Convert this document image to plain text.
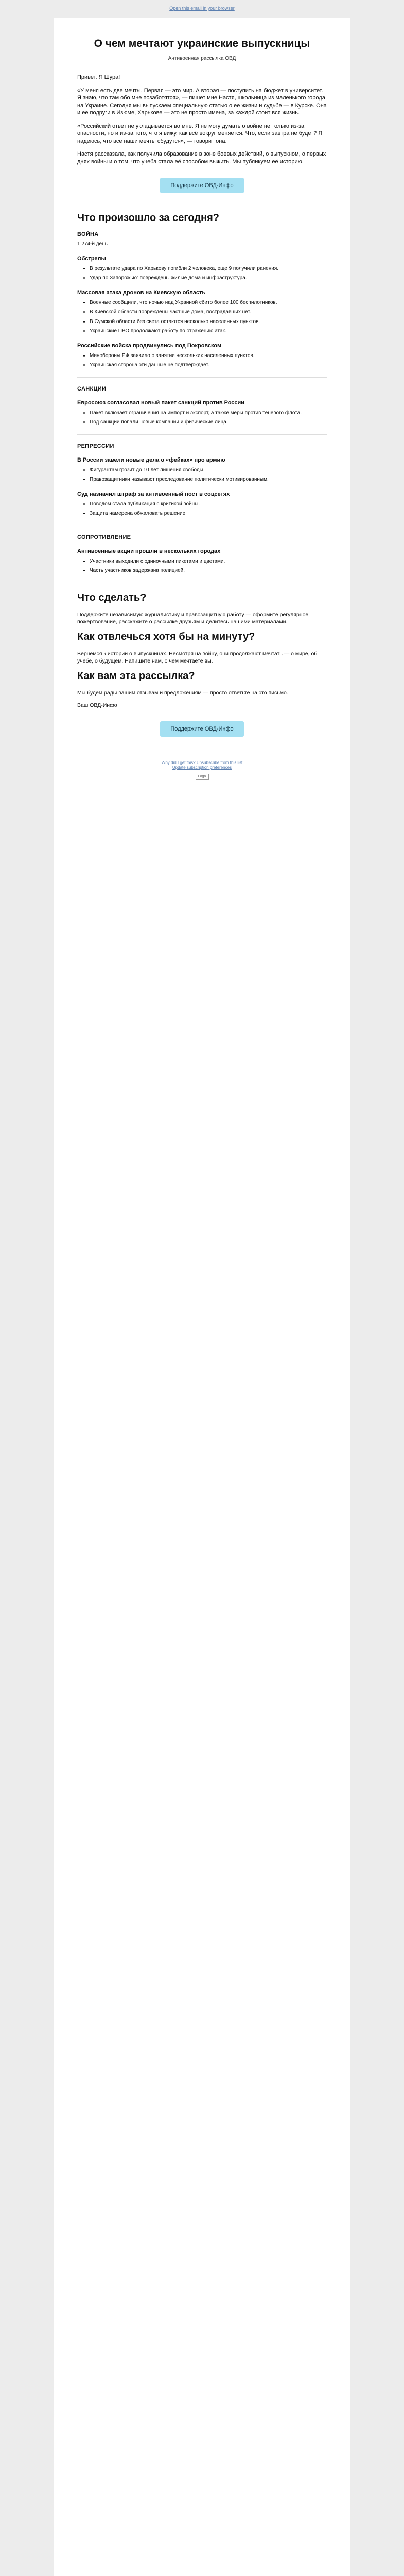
Open this email in your browser
О чем мечтают украинские выпускницы
Антивоенная рассылка ОВД

Привет. Я Шура!

«У меня есть две мечты. Первая — это мир. А вторая — поступить на бюджет в университет. Я знаю, что там обо мне позаботятся», — пишет мне Настя, школьница из маленького города на Украине. Сегодня мы выпускаем специальную статью о ее жизни и судьбе — в Курске. Она и её подруги в Изюме, Харькове — это не просто имена, за каждой стоит вся жизнь.

«Российский ответ не укладывается во мне. Я не могу думать о войне не только из-за опасности, но и из-за того, что я вижу, как всё вокруг меняется. Что, если завтра не будет? Я надеюсь, что все наши мечты сбудутся», — говорит она.

Настя рассказала, как получила образование в зоне боевых действий, о выпускном, о первых днях войны и о том, что учеба стала её способом выжить. Мы публикуем её историю.

Поддержите ОВД-Инфо
Что произошло за сегодня?
ВОЙНА
1 274-й день
Обстрелы
• В результате удара по Харькову погибли 2 человека, еще 9 получили ранения.
• Удар по Запорожью: повреждены жилые дома и инфраструктура.
Массовая атака дронов на Киевскую область
• Военные сообщили, что ночью над Украиной сбито более 100 беспилотников.
• В Киевской области повреждены частные дома, пострадавших нет.
• В Сумской области без света остаются несколько населенных пунктов.
• Украинские ПВО продолжают работу по отражению атак.
Российские войска продвинулись под Покровском
• Минобороны РФ заявило о занятии нескольких населенных пунктов.
• Украинская сторона эти данные не подтверждает.
САНКЦИИ
Евросоюз согласовал новый пакет санкций против России
• Пакет включает ограничения на импорт и экспорт, а также меры против теневого флота.
• Под санкции попали новые компании и физические лица.
РЕПРЕССИИ
В России завели новые дела о «фейках» про армию
• Фигурантам грозит до 10 лет лишения свободы.
• Правозащитники называют преследование политически мотивированным.
Суд назначил штраф за антивоенный пост в соцсетях
• Поводом стала публикация с критикой войны.
• Защита намерена обжаловать решение.
СОПРОТИВЛЕНИЕ
Антивоенные акции прошли в нескольких городах
• Участники выходили с одиночными пикетами и цветами.
• Часть участников задержана полицией.
Что сделать?

Поддержите независимую журналистику и правозащитную работу — оформите регулярное пожертвование, расскажите о рассылке друзьям и делитесь нашими материалами.

Как отвлечься хотя бы на минуту?

Вернемся к истории о выпускницах. Несмотря на войну, они продолжают мечтать — о мире, об учебе, о будущем. Напишите нам, о чем мечтаете вы.

Как вам эта рассылка?

Мы будем рады вашим отзывам и предложениям — просто ответьте на это письмо.

Ваш ОВД-Инфо

Поддержите ОВД-Инфо
Why did I get this? Unsubscribe from this list
Update subscription preferences
Logo
